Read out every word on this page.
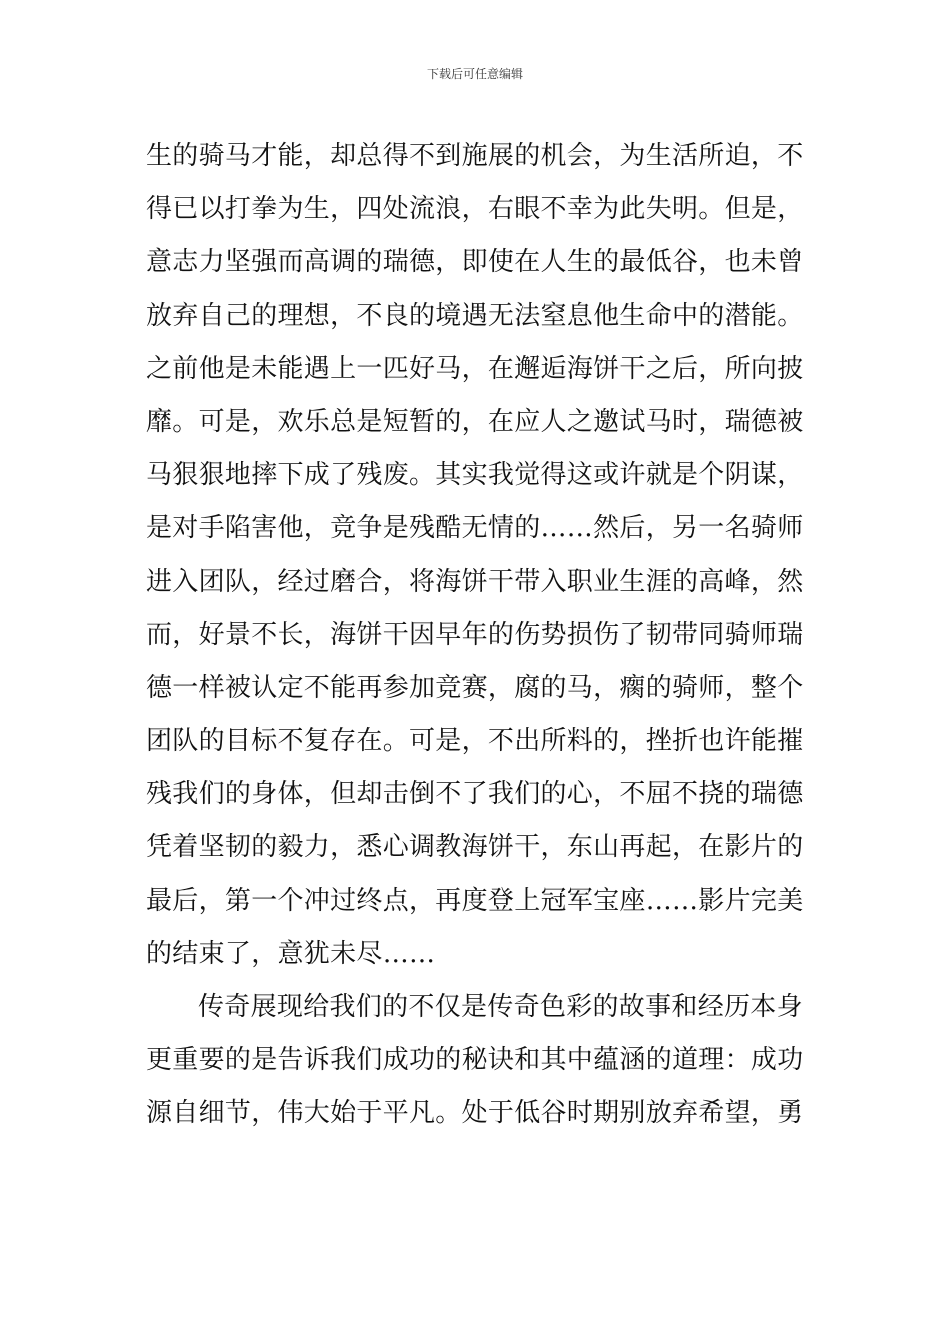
下载后可任意编辑
生的骑马才能，却总得不到施展的机会，为生活所迫，不
得已以打拳为生，四处流浪，右眼不幸为此失明。但是，
意志力坚强而高调的瑞德，即使在人生的最低谷，也未曾
放弃自己的理想，不良的境遇无法窒息他生命中的潜能。
之前他是未能遇上一匹好马，在邂逅海饼干之后，所向披
靡。可是，欢乐总是短暂的，在应人之邀试马时，瑞德被
马狠狠地摔下成了残废。其实我觉得这或许就是个阴谋，
是对手陷害他，竞争是残酷无情的……然后，另一名骑师
进入团队，经过磨合，将海饼干带入职业生涯的高峰，然
而，好景不长，海饼干因早年的伤势损伤了韧带同骑师瑞
德一样被认定不能再参加竞赛，腐的马，瘸的骑师，整个
团队的目标不复存在。可是，不出所料的，挫折也许能摧
残我们的身体，但却击倒不了我们的心，不屈不挠的瑞德
凭着坚韧的毅力，悉心调教海饼干，东山再起，在影片的
最后，第一个冲过终点，再度登上冠军宝座……影片完美
的结束了，意犹未尽……
传奇展现给我们的不仅是传奇色彩的故事和经历本身
更重要的是告诉我们成功的秘诀和其中蕴涵的道理：成功
源自细节，伟大始于平凡。处于低谷时期别放弃希望，勇
